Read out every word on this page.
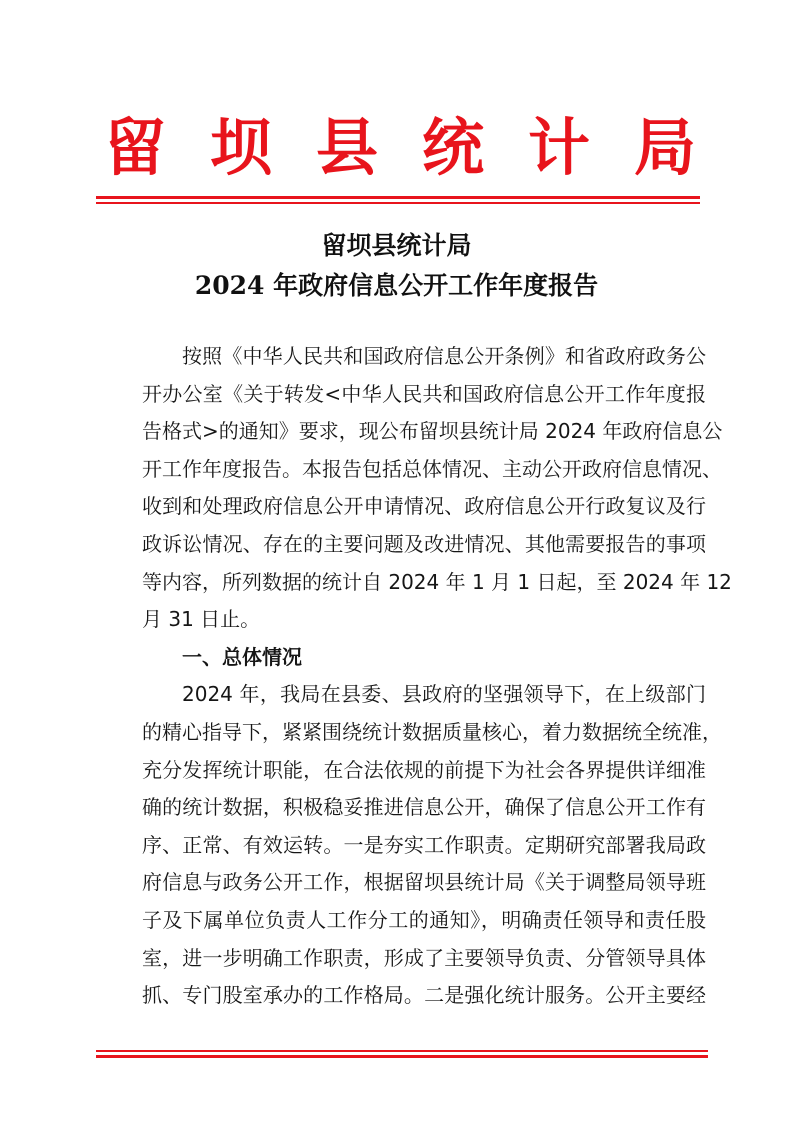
留 坝 县 统 计 局
留坝县统计局
2024 年政府信息公开工作年度报告
按照《中华人民共和国政府信息公开条例》和省政府政务公
开办公室《关于转发<中华人民共和国政府信息公开工作年度报
告格式>的通知》要求，现公布留坝县统计局 2024 年政府信息公
开工作年度报告。本报告包括总体情况、主动公开政府信息情况、
收到和处理政府信息公开申请情况、政府信息公开行政复议及行
政诉讼情况、存在的主要问题及改进情况、其他需要报告的事项
等内容，所列数据的统计自 2024 年 1 月 1 日起，至 2024 年 12
月 31 日止。
一、总体情况
2024 年，我局在县委、县政府的坚强领导下，在上级部门
的精心指导下，紧紧围绕统计数据质量核心，着力数据统全统准，
充分发挥统计职能，在合法依规的前提下为社会各界提供详细准
确的统计数据，积极稳妥推进信息公开，确保了信息公开工作有
序、正常、有效运转。一是夯实工作职责。定期研究部署我局政
府信息与政务公开工作，根据留坝县统计局《关于调整局领导班
子及下属单位负责人工作分工的通知》，明确责任领导和责任股
室，进一步明确工作职责，形成了主要领导负责、分管领导具体
抓、专门股室承办的工作格局。二是强化统计服务。公开主要经
